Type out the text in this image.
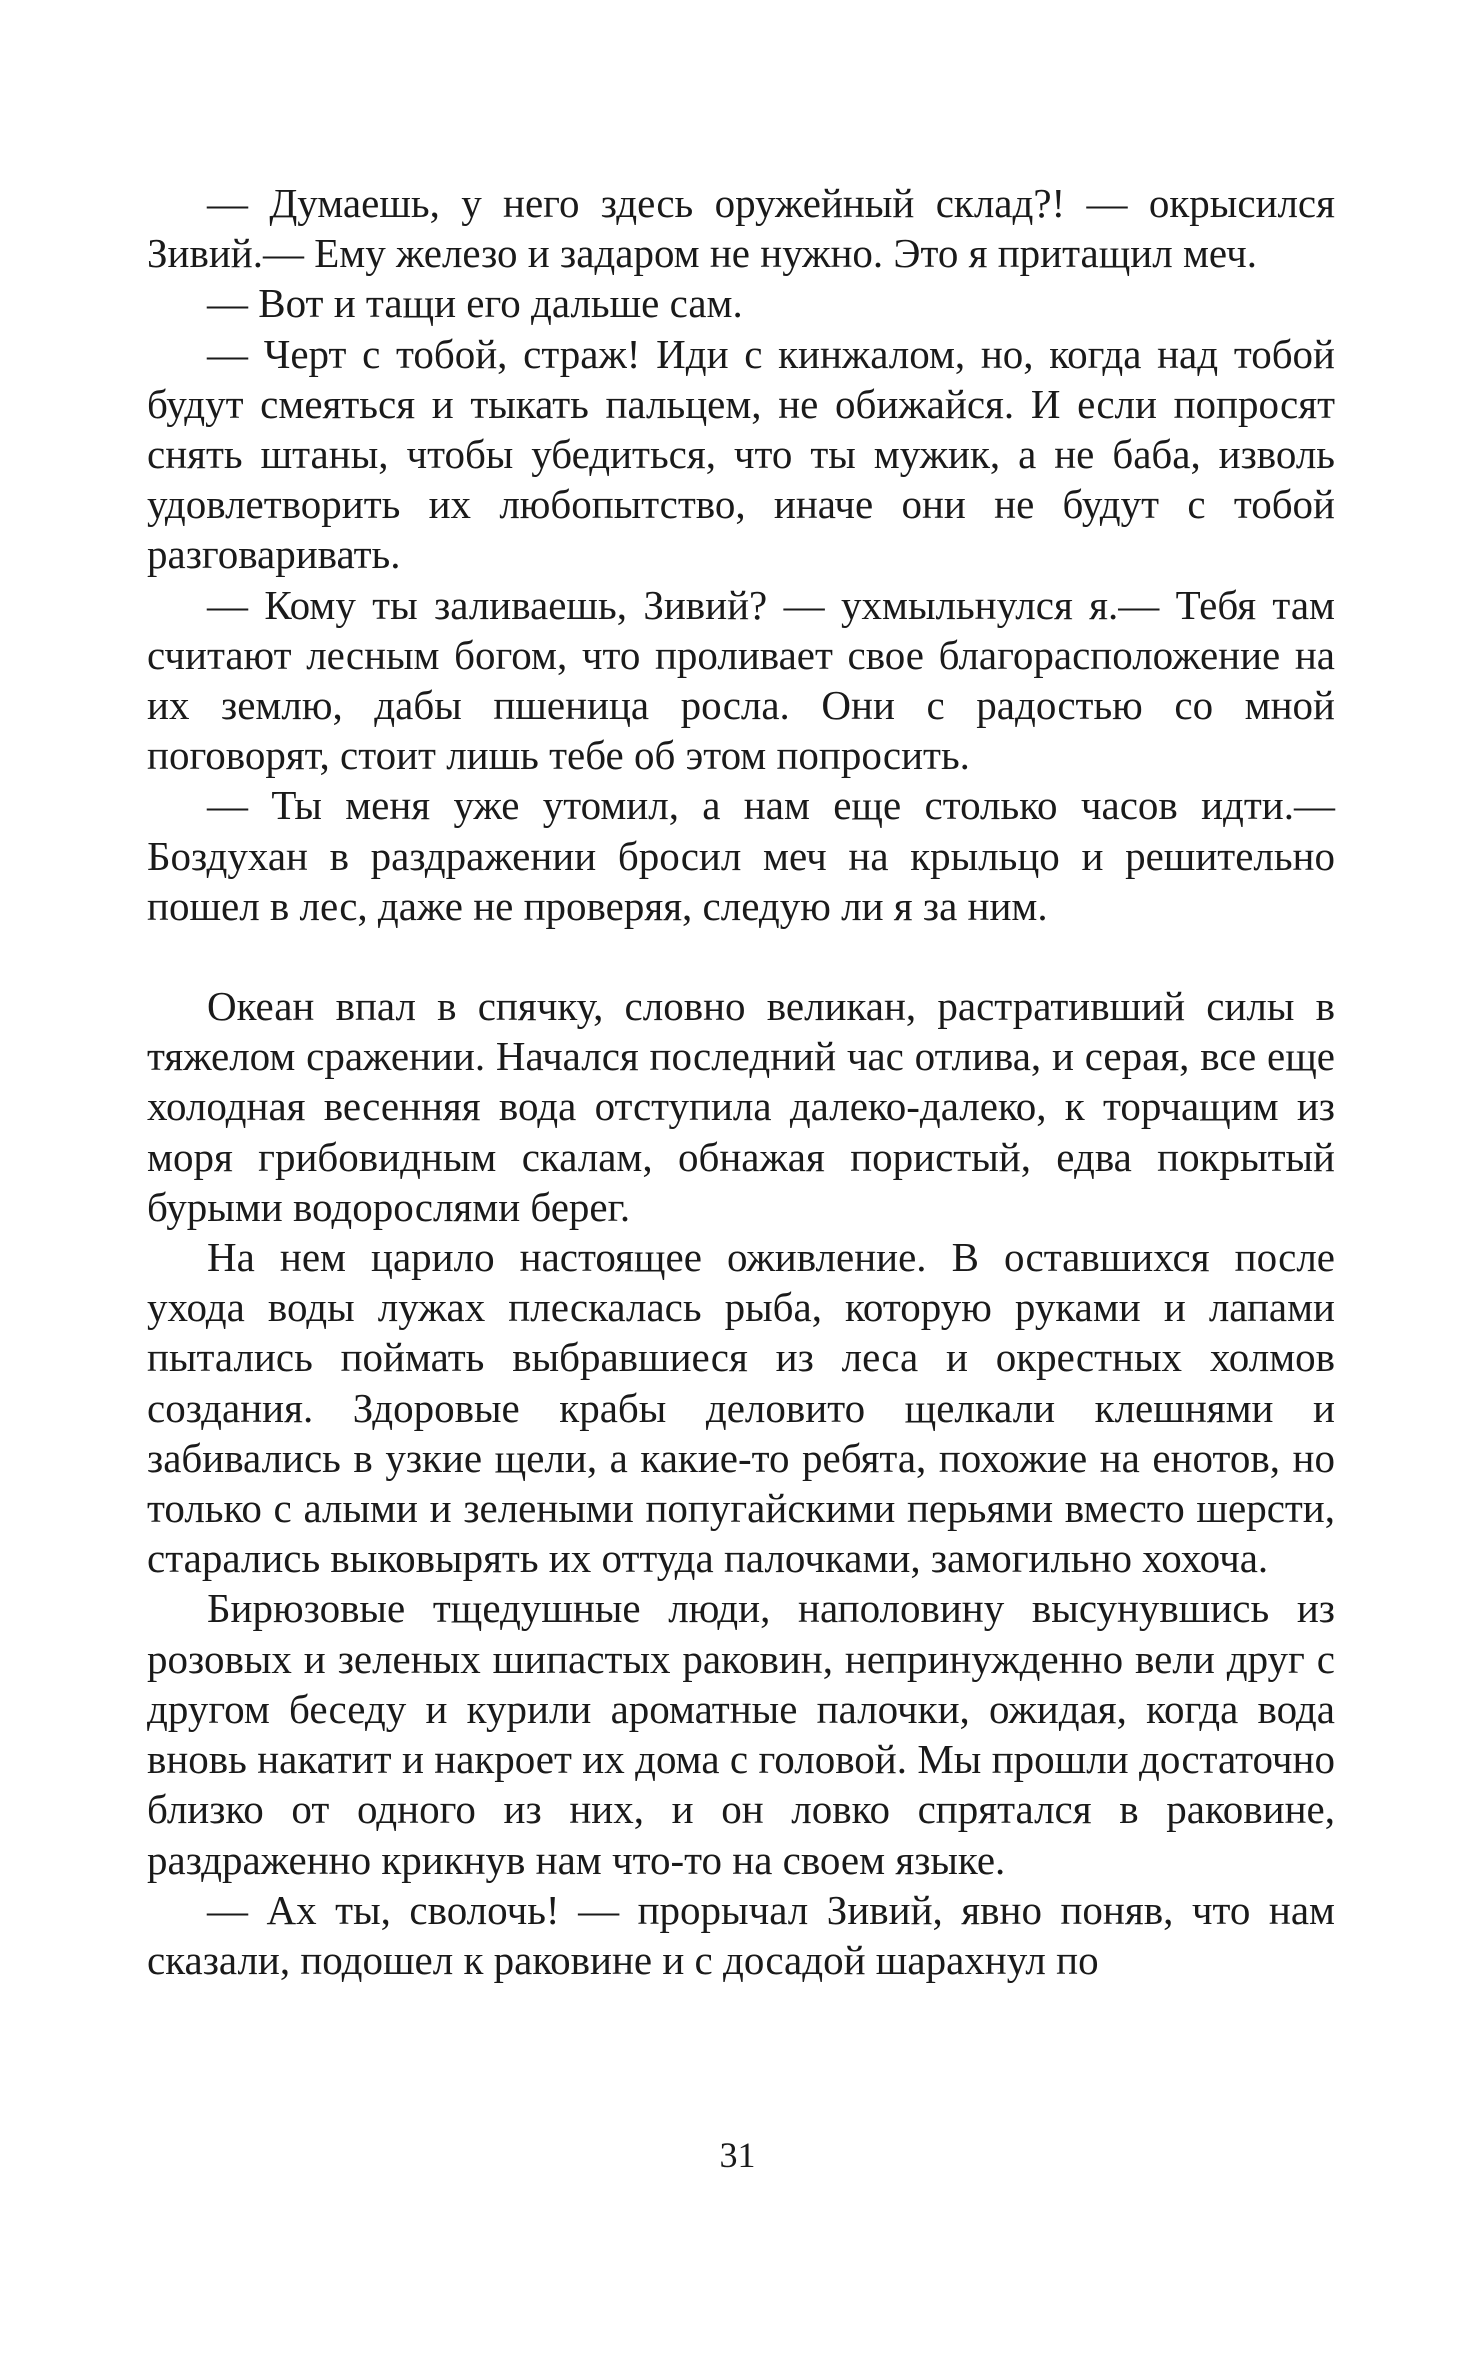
— Думаешь, у него здесь оружейный склад?! — окрысился Зивий.— Ему железо и задаром не нужно. Это я притащил меч.

— Вот и тащи его дальше сам.

— Черт с тобой, страж! Иди с кинжалом, но, когда над тобой будут смеяться и тыкать пальцем, не обижайся. И если попросят снять штаны, чтобы убедиться, что ты мужик, а не баба, изволь удовлетворить их любопытство, иначе они не будут с тобой разговаривать.

— Кому ты заливаешь, Зивий? — ухмыльнулся я.— Тебя там считают лесным богом, что проливает свое благорасположение на их землю, дабы пшеница росла. Они с радостью со мной поговорят, стоит лишь тебе об этом попросить.

— Ты меня уже утомил, а нам еще столько часов идти.— Боздухан в раздражении бросил меч на крыльцо и решительно пошел в лес, даже не проверяя, следую ли я за ним.

Океан впал в спячку, словно великан, растративший силы в тяжелом сражении. Начался последний час отлива, и серая, все еще холодная весенняя вода отступила далеко-далеко, к торчащим из моря грибовидным скалам, обнажая пористый, едва покрытый бурыми водорослями берег.

На нем царило настоящее оживление. В оставшихся после ухода воды лужах плескалась рыба, которую руками и лапами пытались поймать выбравшиеся из леса и окрестных холмов создания. Здоровые крабы деловито щелкали клешнями и забивались в узкие щели, а какие-то ребята, похожие на енотов, но только с алыми и зелеными попугайскими перьями вместо шерсти, старались выковырять их оттуда палочками, замогильно хохоча.

Бирюзовые тщедушные люди, наполовину высунувшись из розовых и зеленых шипастых раковин, непринужденно вели друг с другом беседу и курили ароматные палочки, ожидая, когда вода вновь накатит и накроет их дома с головой. Мы прошли достаточно близко от одного из них, и он ловко спрятался в раковине, раздраженно крикнув нам что-то на своем языке.

— Ах ты, сволочь! — прорычал Зивий, явно поняв, что нам сказали, подошел к раковине и с досадой шарахнул по

31
